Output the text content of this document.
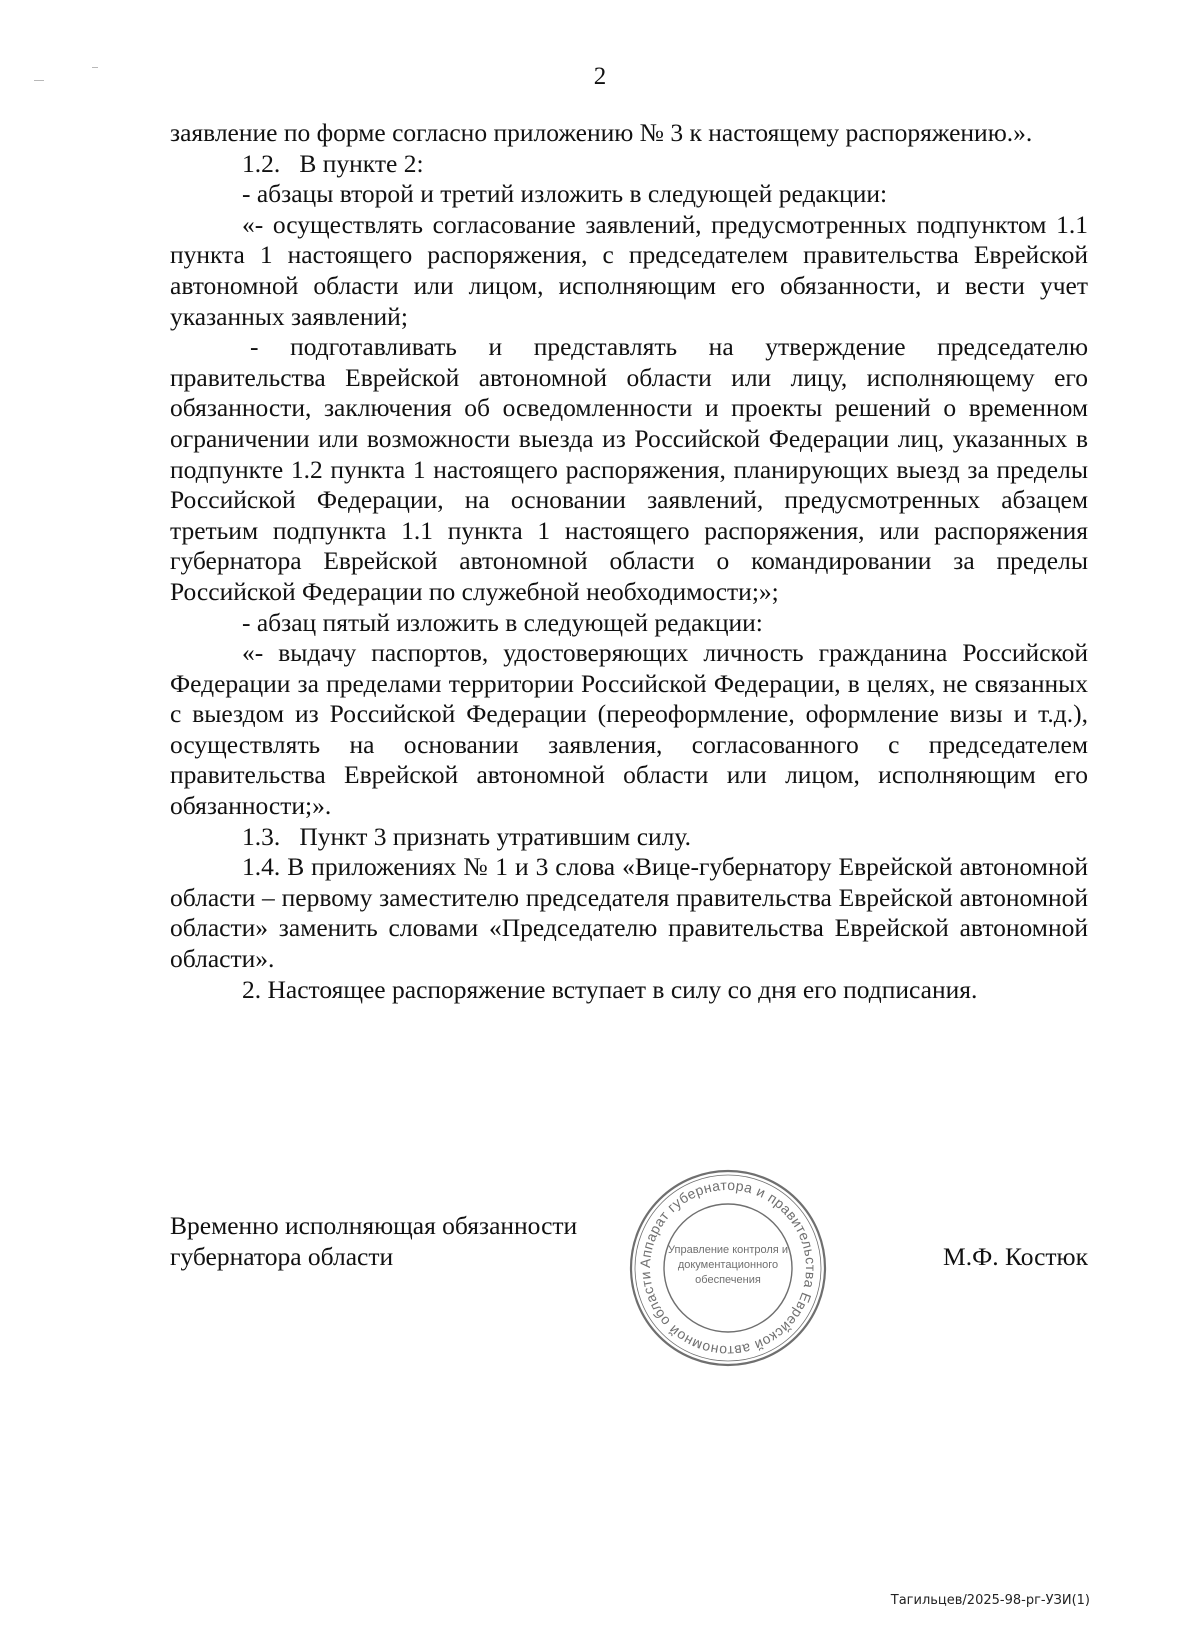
2

заявление по форме согласно приложению № 3 к настоящему распоряжению.».

1.2.   В пункте 2:

- абзацы второй и третий изложить в следующей редакции:

«- осуществлять согласование заявлений, предусмотренных подпунктом 1.1 пункта 1 настоящего распоряжения, с председателем правительства Еврейской автономной области или лицом, исполняющим его обязанности, и вести учет указанных заявлений;

- подготавливать и представлять на утверждение председателю правительства Еврейской автономной области или лицу, исполняющему его обязанности, заключения об осведомленности и проекты решений о временном ограничении или возможности выезда из Российской Федерации лиц, указанных в подпункте 1.2 пункта 1 настоящего распоряжения, планирующих выезд за пределы Российской Федерации, на основании заявлений, предусмотренных абзацем третьим подпункта 1.1 пункта 1 настоящего распоряжения, или распоряжения губернатора Еврейской автономной области о командировании за пределы Российской Федерации по служебной необходимости;»;

- абзац пятый изложить в следующей редакции:

«- выдачу паспортов, удостоверяющих личность гражданина Российской Федерации за пределами территории Российской Федерации, в целях, не связанных с выездом из Российской Федерации (переоформление, оформление визы и т.д.), осуществлять на основании заявления, согласованного с председателем правительства Еврейской автономной области или лицом, исполняющим его обязанности;».

1.3.   Пункт 3 признать утратившим силу.

1.4. В приложениях № 1 и 3 слова «Вице-губернатору Еврейской автономной области – первому заместителю председателя правительства Еврейской автономной области» заменить словами «Председателю правительства Еврейской автономной области».

2. Настоящее распоряжение вступает в силу со дня его подписания.

Временно исполняющая обязанности
губернатора области	Аппарат губернатора и правительства Еврейской автономной области
Управление контроля и
документационного
обеспечения
М.Ф. Костюк
Тагильцев/2025-98-рг-УЗИ(1)
